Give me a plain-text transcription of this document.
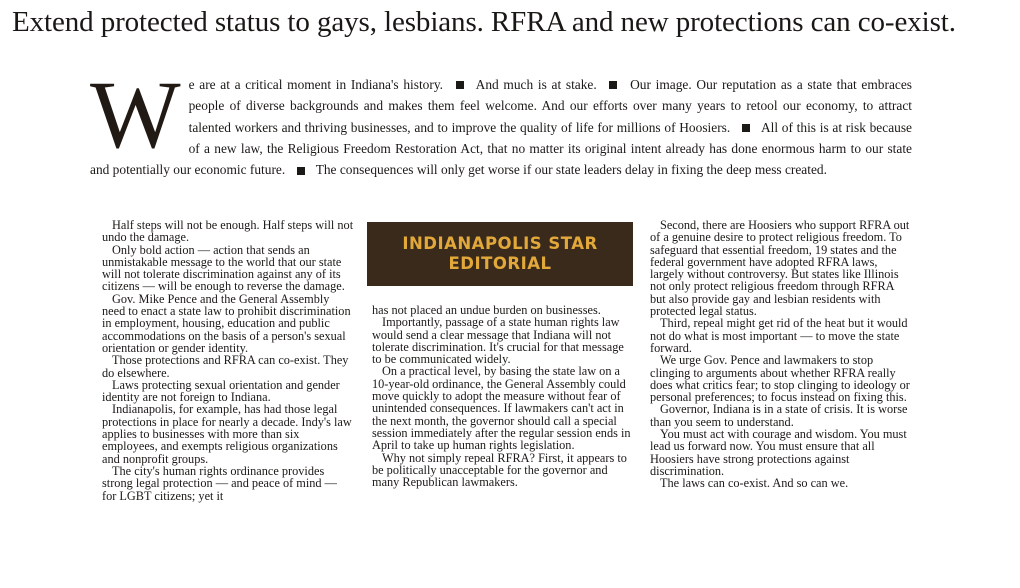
Extend protected status to gays, lesbians. RFRA and new protections can co-exist.
W e are at a critical moment in Indiana's history. And much is at stake. Our image. Our reputation as a state that embraces people of diverse backgrounds and makes them feel welcome. And our efforts over many years to retool our economy, to attract talented workers and thriving businesses, and to improve the quality of life for millions of Hoosiers. All of this is at risk because of a new law, the Religious Freedom Restoration Act, that no matter its original intent already has done enormous harm to our state and potentially our economic future. The consequences will only get worse if our state leaders delay in fixing the deep mess created.

Half steps will not be enough. Half steps will not undo the damage.

Only bold action — action that sends an unmistakable message to the world that our state will not tolerate discrimination against any of its citizens — will be enough to reverse the damage.

Gov. Mike Pence and the General Assembly need to enact a state law to prohibit discrimination in employment, housing, education and public accommodations on the basis of a person's sexual orientation or gender identity.

Those protections and RFRA can co-exist. They do elsewhere.

Laws protecting sexual orientation and gender identity are not foreign to Indiana.

Indianapolis, for example, has had those legal protections in place for nearly a decade. Indy's law applies to businesses with more than six employees, and exempts religious organizations and nonprofit groups.

The city's human rights ordinance provides strong legal protection — and peace of mind — for LGBT citizens; yet it

INDIANAPOLIS STAR
EDITORIAL

has not placed an undue burden on businesses.

Importantly, passage of a state human rights law would send a clear message that Indiana will not tolerate discrimination. It's crucial for that message to be communicated widely.

On a practical level, by basing the state law on a 10-year-old ordinance, the General Assembly could move quickly to adopt the measure without fear of unintended consequences. If lawmakers can't act in the next month, the governor should call a special session immediately after the regular session ends in April to take up human rights legislation.

Why not simply repeal RFRA? First, it appears to be politically unacceptable for the governor and many Republican lawmakers.

Second, there are Hoosiers who support RFRA out of a genuine desire to protect religious freedom. To safeguard that essential freedom, 19 states and the federal government have adopted RFRA laws, largely without controversy. But states like Illinois not only protect religious freedom through RFRA but also provide gay and lesbian residents with protected legal status.

Third, repeal might get rid of the heat but it would not do what is most important — to move the state forward.

We urge Gov. Pence and lawmakers to stop clinging to arguments about whether RFRA really does what critics fear; to stop clinging to ideology or personal preferences; to focus instead on fixing this.

Governor, Indiana is in a state of crisis. It is worse than you seem to understand.

You must act with courage and wisdom. You must lead us forward now. You must ensure that all Hoosiers have strong protections against discrimination.

The laws can co-exist. And so can we.
